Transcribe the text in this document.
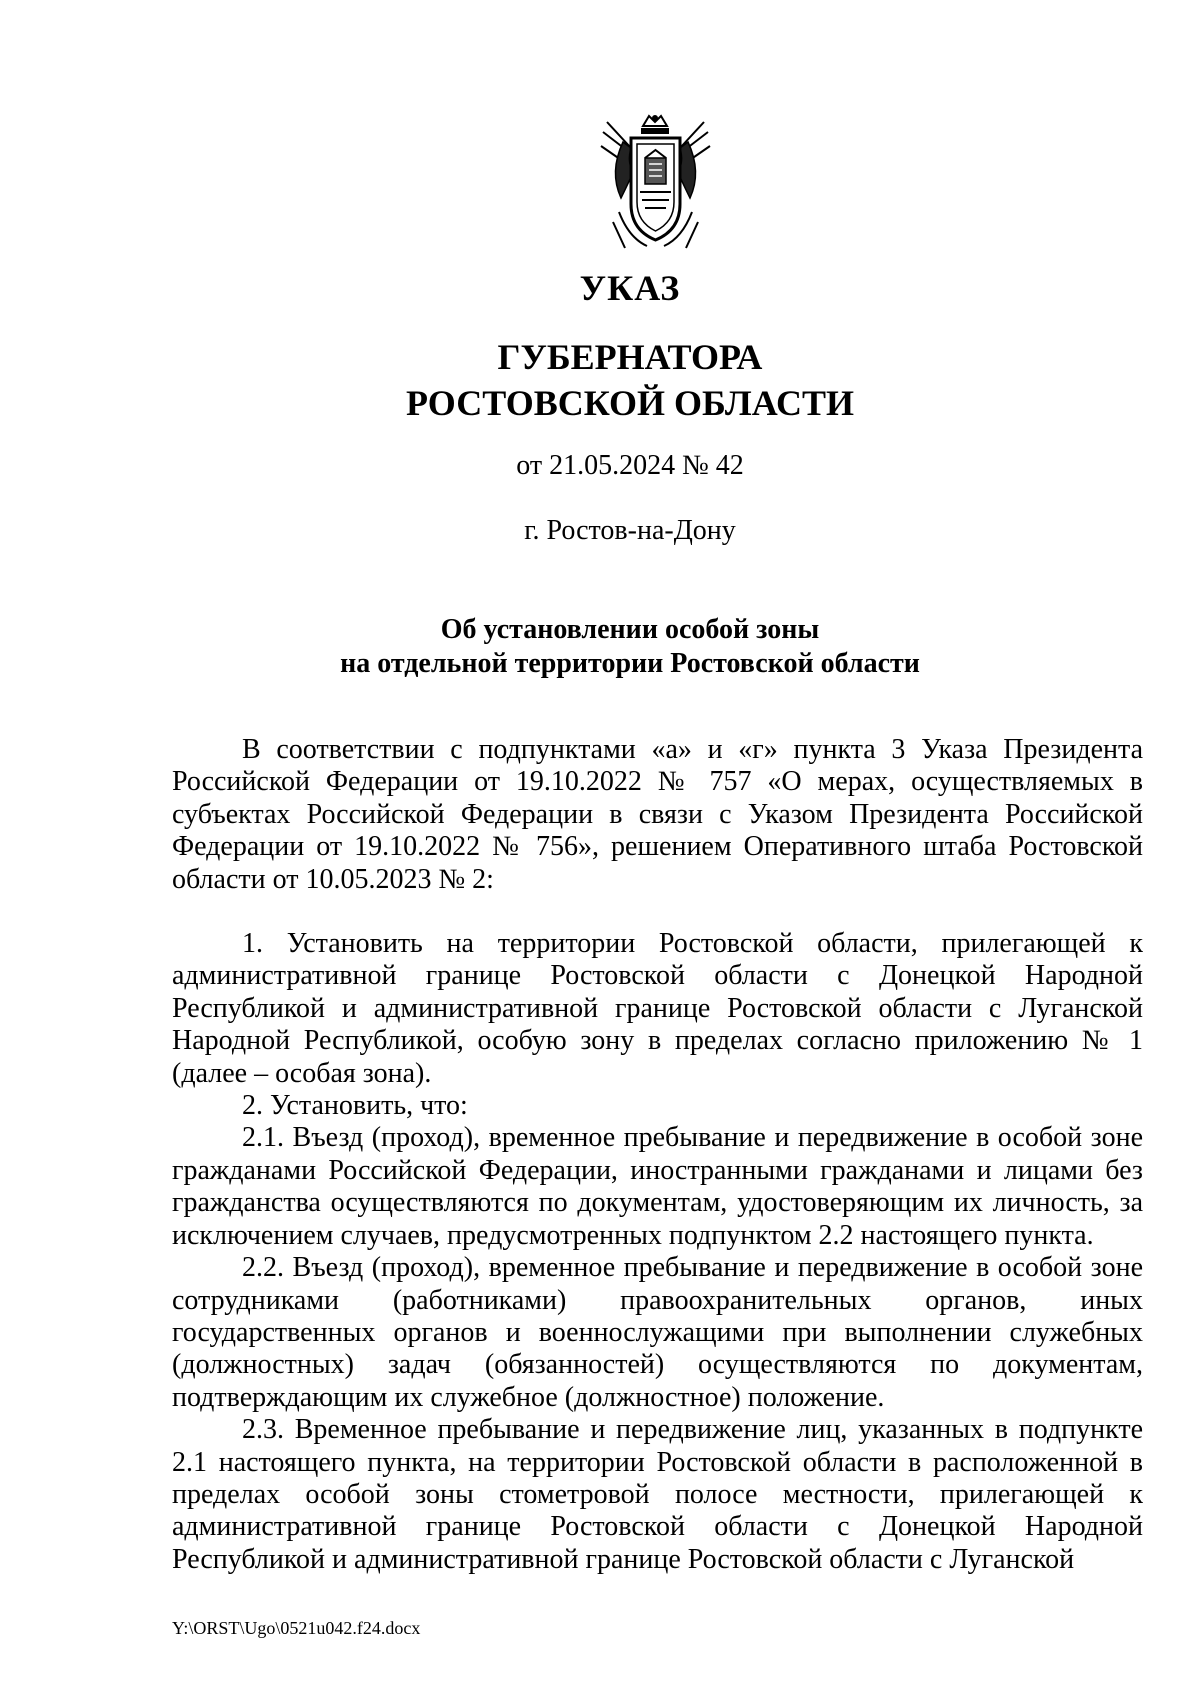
УКАЗ
ГУБЕРНАТОРА
РОСТОВСКОЙ ОБЛАСТИ
от 21.05.2024 № 42
г. Ростов-на-Дону
Об установлении особой зоны
на отдельной территории Ростовской области

В соответствии с подпунктами «а» и «г» пункта 3 Указа Президента Российской Федерации от 19.10.2022 № 757 «О мерах, осуществляемых в субъектах Российской Федерации в связи с Указом Президента Российской Федерации от 19.10.2022 № 756», решением Оперативного штаба Ростовской области от 10.05.2023 № 2:

1. Установить на территории Ростовской области, прилегающей к административной границе Ростовской области с Донецкой Народной Республикой и административной границе Ростовской области с Луганской Народной Республикой, особую зону в пределах согласно приложению № 1 (далее – особая зона).

2. Установить, что:

2.1. Въезд (проход), временное пребывание и передвижение в особой зоне гражданами Российской Федерации, иностранными гражданами и лицами без гражданства осуществляются по документам, удостоверяющим их личность, за исключением случаев, предусмотренных подпунктом 2.2 настоящего пункта.

2.2. Въезд (проход), временное пребывание и передвижение в особой зоне сотрудниками (работниками) правоохранительных органов, иных государственных органов и военнослужащими при выполнении служебных (должностных) задач (обязанностей) осуществляются по документам, подтверждающим их служебное (должностное) положение.

2.3. Временное пребывание и передвижение лиц, указанных в подпункте 2.1 настоящего пункта, на территории Ростовской области в расположенной в пределах особой зоны стометровой полосе местности, прилегающей к административной границе Ростовской области с Донецкой Народной Республикой и административной границе Ростовской области с Луганской

Y:\ORST\Ugo\0521u042.f24.docx
